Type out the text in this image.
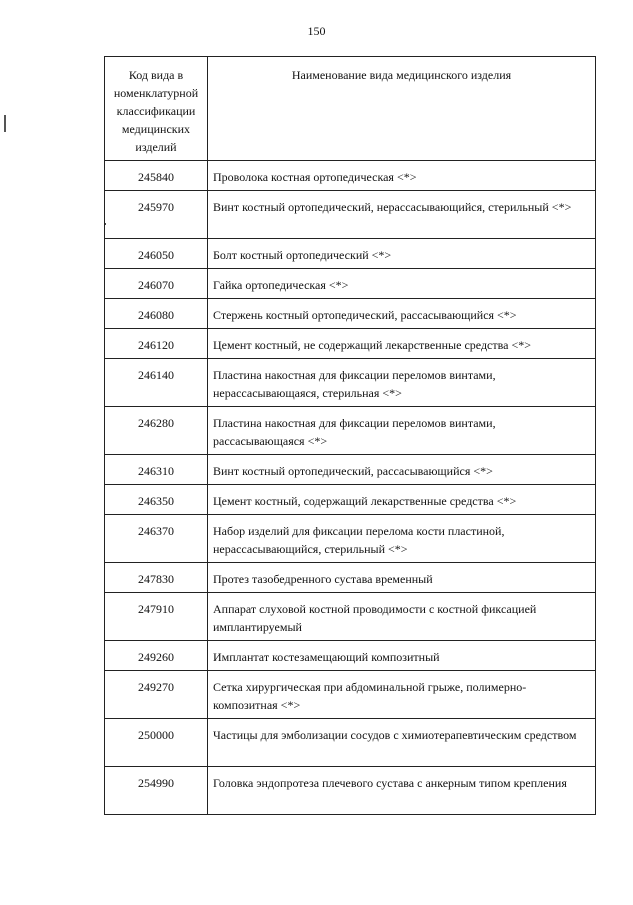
150
Код вида в номенклатурной классификации медицинских изделий	Наименование вида медицинского изделия
245840	Проволока костная ортопедическая <*>
245970	Винт костный ортопедический, нерассасывающийся, стерильный <*>
246050	Болт костный ортопедический <*>
246070	Гайка ортопедическая <*>
246080	Стержень костный ортопедический, рассасывающийся <*>
246120	Цемент костный, не содержащий лекарственные средства <*>
246140	Пластина накостная для фиксации переломов винтами, нерассасывающаяся, стерильная <*>
246280	Пластина накостная для фиксации переломов винтами, рассасывающаяся <*>
246310	Винт костный ортопедический, рассасывающийся <*>
246350	Цемент костный, содержащий лекарственные средства <*>
246370	Набор изделий для фиксации перелома кости пластиной, нерассасывающийся, стерильный <*>
247830	Протез тазобедренного сустава временный
247910	Аппарат слуховой костной проводимости с костной фиксацией имплантируемый
249260	Имплантат костезамещающий композитный
249270	Сетка хирургическая при абдоминальной грыже, полимерно-композитная <*>
250000	Частицы для эмболизации сосудов с химиотерапевтическим средством
254990	Головка эндопротеза плечевого сустава с анкерным типом крепления
